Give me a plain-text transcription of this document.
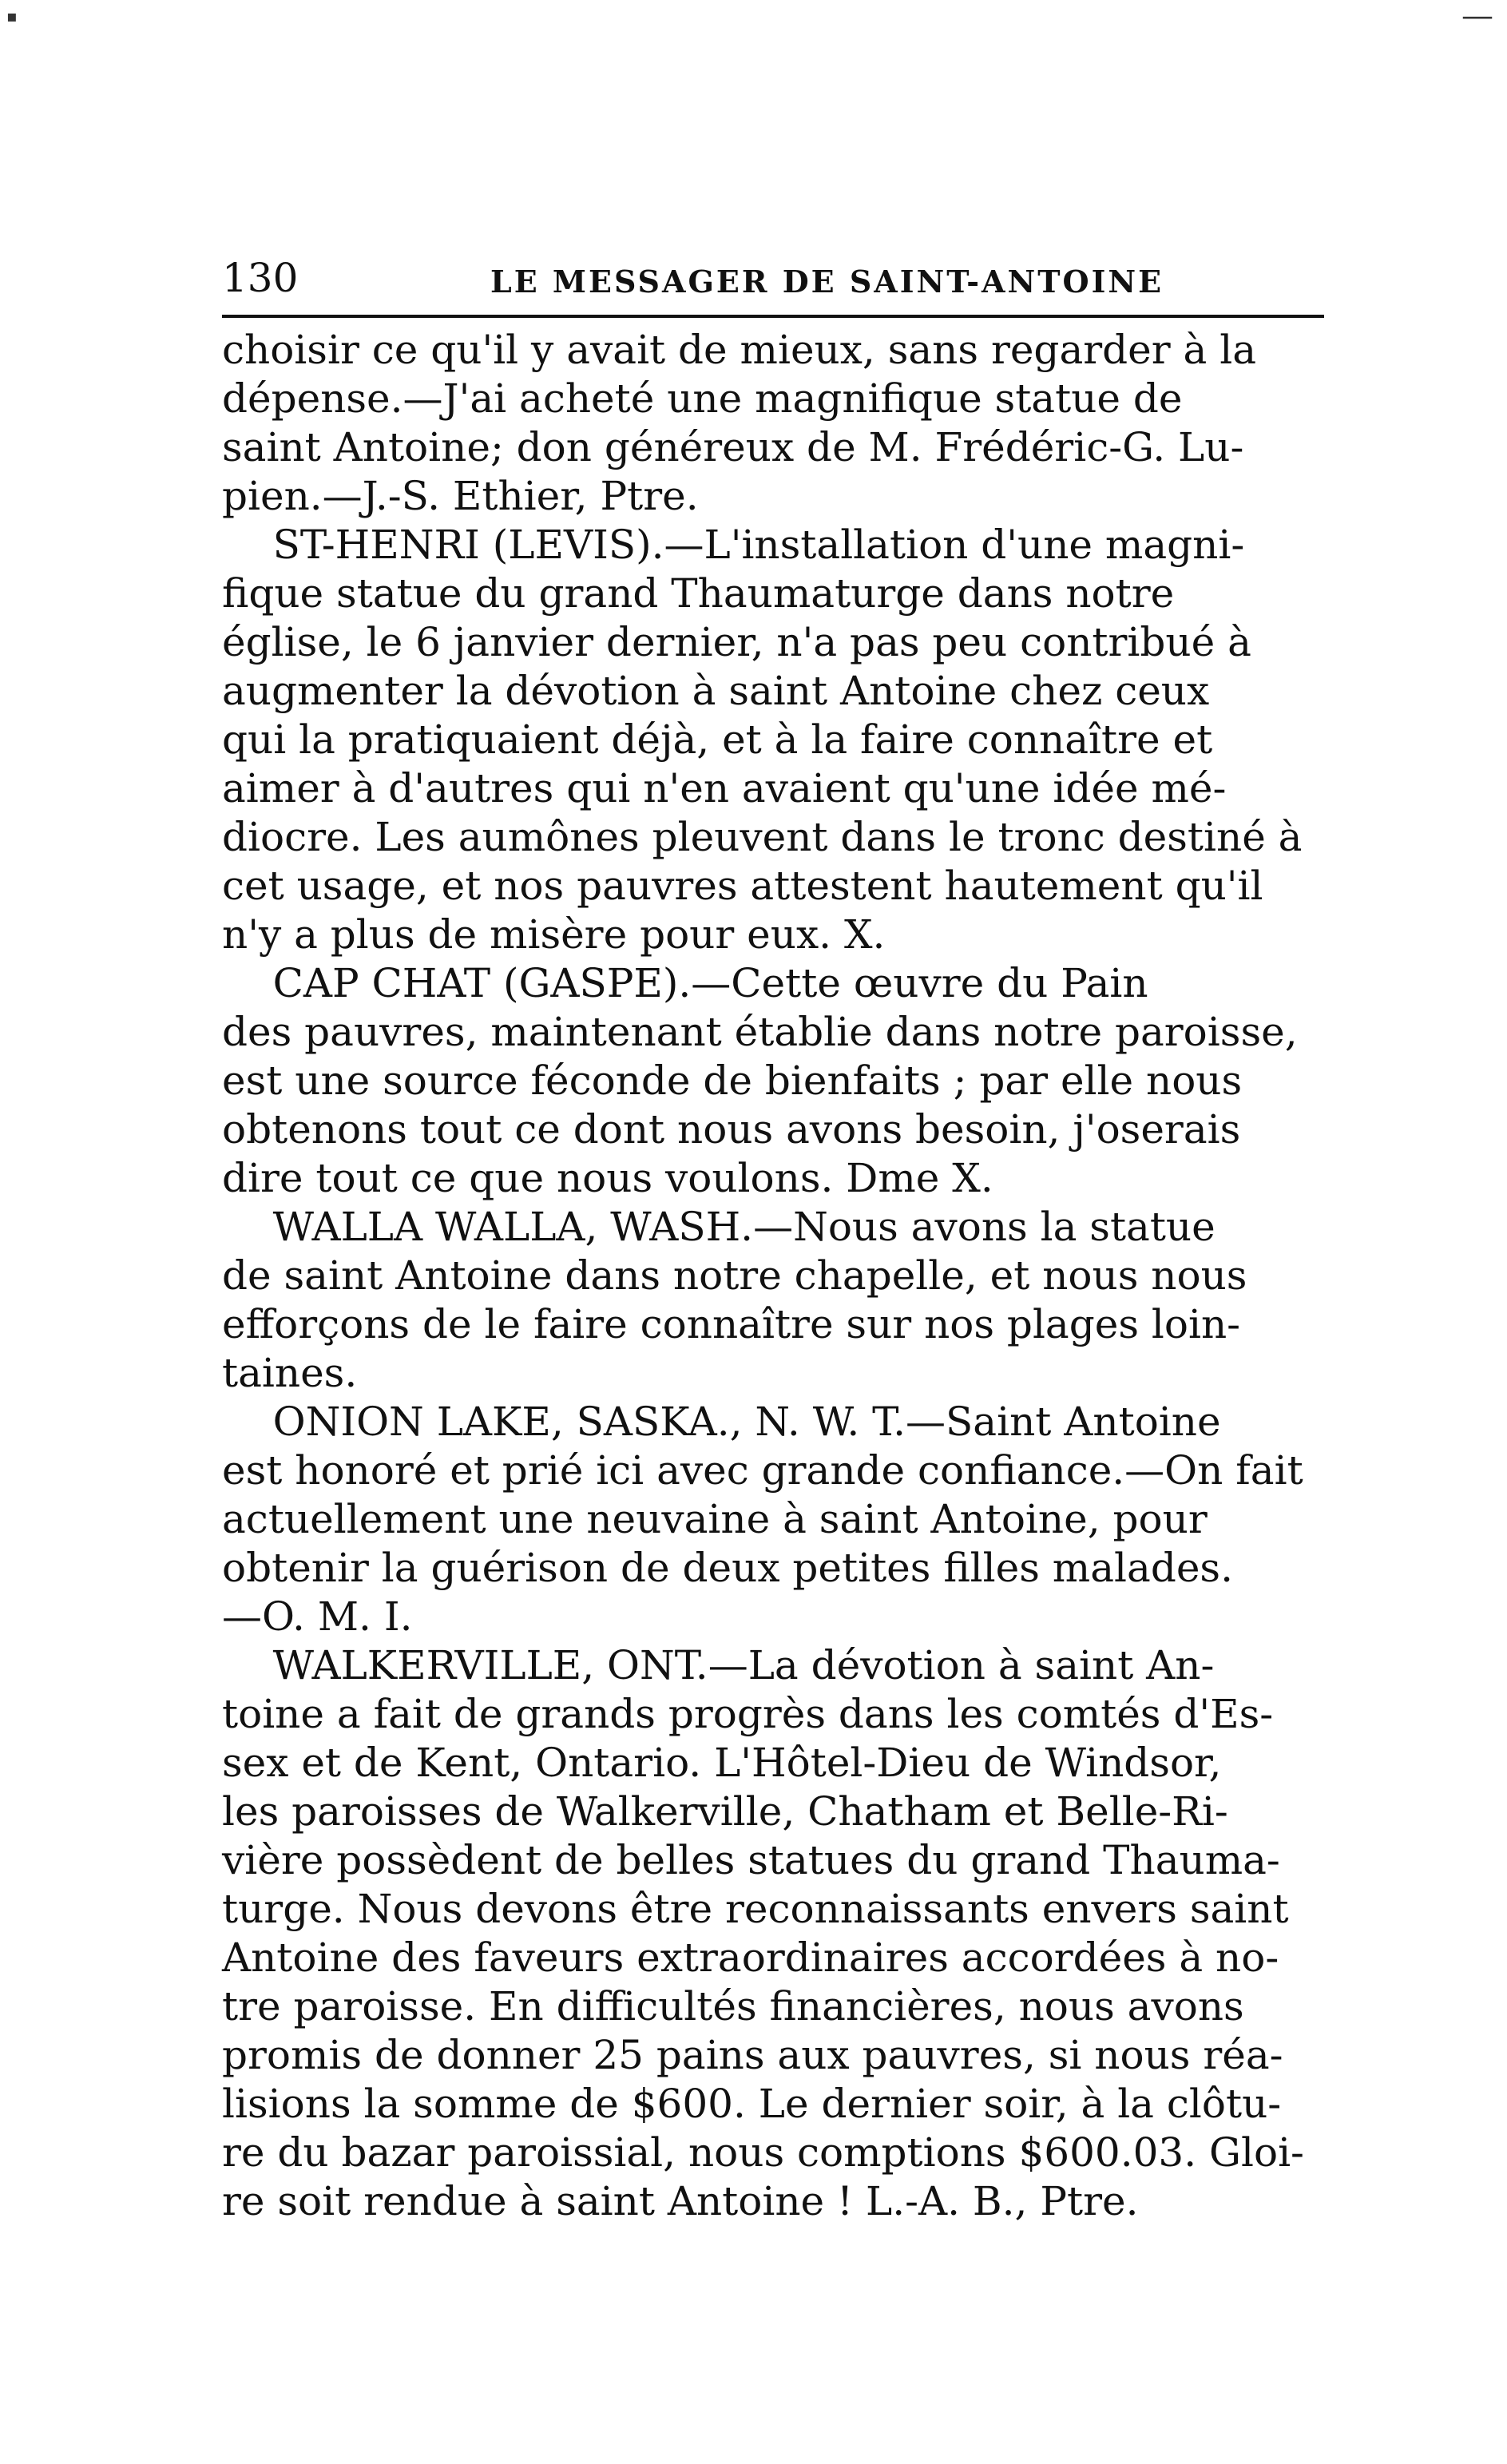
130	LE MESSAGER DE SAINT-ANTOINE
choisir ce qu'il y avait de mieux, sans regarder à la
dépense.—J'ai acheté une magnifique statue de
saint Antoine; don généreux de M. Frédéric-G. Lu-
pien.—J.-S. Ethier, Ptre.
ST-HENRI (LEVIS).—L'installation d'une magni-
fique statue du grand Thaumaturge dans notre
église, le 6 janvier dernier, n'a pas peu contribué à
augmenter la dévotion à saint Antoine chez ceux
qui la pratiquaient déjà, et à la faire connaître et
aimer à d'autres qui n'en avaient qu'une idée mé-
diocre. Les aumônes pleuvent dans le tronc destiné à
cet usage, et nos pauvres attestent hautement qu'il
n'y a plus de misère pour eux. X.
CAP CHAT (GASPE).—Cette œuvre du Pain
des pauvres, maintenant établie dans notre paroisse,
est une source féconde de bienfaits ; par elle nous
obtenons tout ce dont nous avons besoin, j'oserais
dire tout ce que nous voulons. Dme X.
WALLA WALLA, WASH.—Nous avons la statue
de saint Antoine dans notre chapelle, et nous nous
efforçons de le faire connaître sur nos plages loin-
taines.
ONION LAKE, SASKA., N. W. T.—Saint Antoine
est honoré et prié ici avec grande confiance.—On fait
actuellement une neuvaine à saint Antoine, pour
obtenir la guérison de deux petites filles malades.
—O. M. I.
WALKERVILLE, ONT.—La dévotion à saint An-
toine a fait de grands progrès dans les comtés d'Es-
sex et de Kent, Ontario. L'Hôtel-Dieu de Windsor,
les paroisses de Walkerville, Chatham et Belle-Ri-
vière possèdent de belles statues du grand Thauma-
turge. Nous devons être reconnaissants envers saint
Antoine des faveurs extraordinaires accordées à no-
tre paroisse. En difficultés financières, nous avons
promis de donner 25 pains aux pauvres, si nous réa-
lisions la somme de $600. Le dernier soir, à la clôtu-
re du bazar paroissial, nous comptions $600.03. Gloi-
re soit rendue à saint Antoine ! L.-A. B., Ptre.
—
▪
